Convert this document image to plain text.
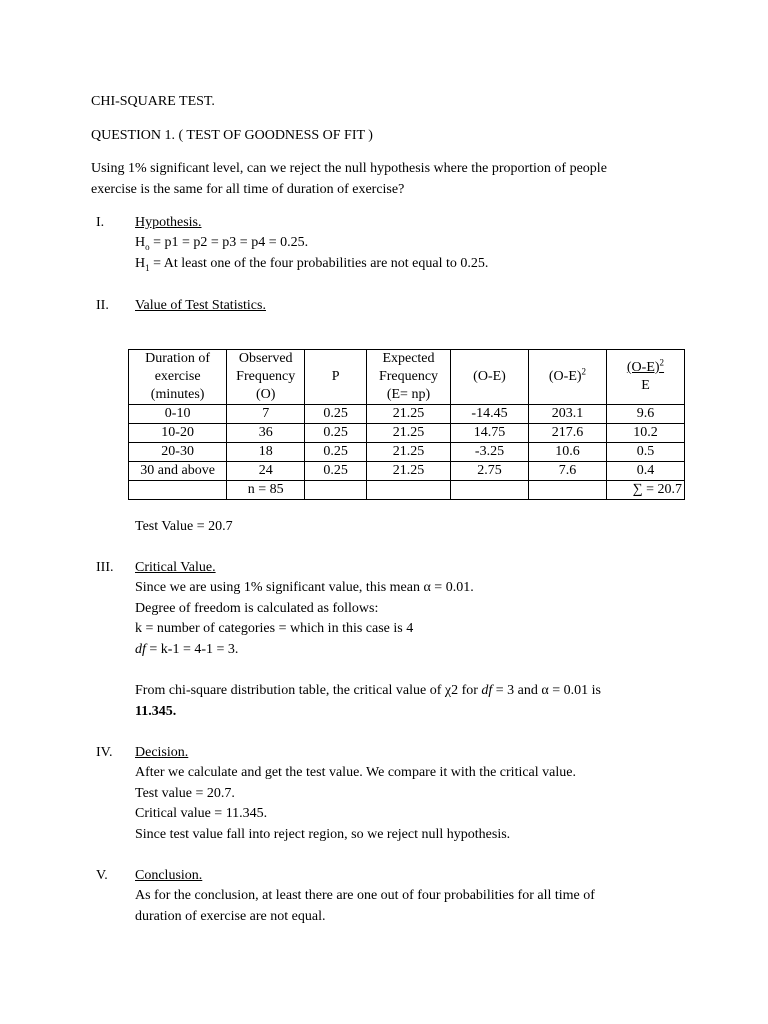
CHI-SQUARE TEST.
QUESTION 1. ( TEST OF GOODNESS OF FIT )
Using 1% significant level, can we reject the null hypothesis where the proportion of people
exercise is the same for all time of duration of exercise?
I.	Hypothesis.
$H_o = p1 = p2 = p3 = p4 = 0.25$.
$H_1 = At$ least one of the four probabilities are not equal to 0.25.
II.	Value of Test Statistics.
Duration of
exercise
(minutes)	Observed
Frequency
(O)	P	Expected
Frequency
(E= np)	(O-E)	$(O-E)^2$	$\frac{(O-E)^2}{E}$
0-10	7	0.25	21.25	-14.45	203.1	9.6
10-20	36	0.25	21.25	14.75	217.6	10.2
20-30	18	0.25	21.25	-3.25	10.6	0.5
30 and above	24	0.25	21.25	2.75	7.6	0.4
	n = 85					∑ = 20.7
Test Value = 20.7
III.	Critical Value.
Since we are using 1% significant value, this mean α = 0.01.
Degree of freedom is calculated as follows:
k = number of categories = which in this case is 4
df = k-1 = 4-1 = 3.
From chi-square distribution table, the critical value of χ2 for df = 3 and α = 0.01 is
11.345.
IV.	Decision.
After we calculate and get the test value. We compare it with the critical value.
Test value = 20.7.
Critical value = 11.345.
Since test value fall into reject region, so we reject null hypothesis.
V.	Conclusion.
As for the conclusion, at least there are one out of four probabilities for all time of
duration of exercise are not equal.
